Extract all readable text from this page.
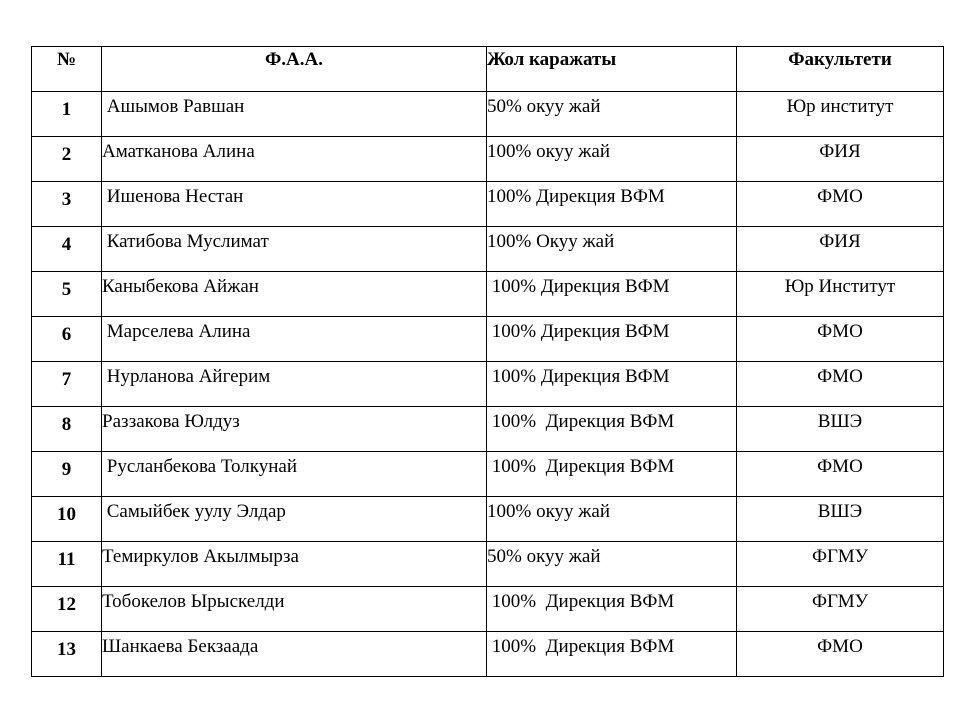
№	Ф.А.А.	Жол каражаты	Факультети
1	Ашымов Равшан	50% окуу жай	Юр институт
2	Аматканова Алина	100% окуу жай	ФИЯ
3	Ишенова Нестан	100% Дирекция ВФМ	ФМО
4	Катибова Муслимат	100% Окуу жай	ФИЯ
5	Каныбекова Айжан	100% Дирекция ВФМ	Юр Институт
6	Марселева Алина	100% Дирекция ВФМ	ФМО
7	Нурланова Айгерим	100% Дирекция ВФМ	ФМО
8	Раззакова Юлдуз	100%  Дирекция ВФМ	ВШЭ
9	Русланбекова Толкунай	100%  Дирекция ВФМ	ФМО
10	Самыйбек уулу Элдар	100% окуу жай	ВШЭ
11	Темиркулов Акылмырза	50% окуу жай	ФГМУ
12	Тобокелов Ырыскелди	100%  Дирекция ВФМ	ФГМУ
13	Шанкаева Бекзаада	100%  Дирекция ВФМ	ФМО
